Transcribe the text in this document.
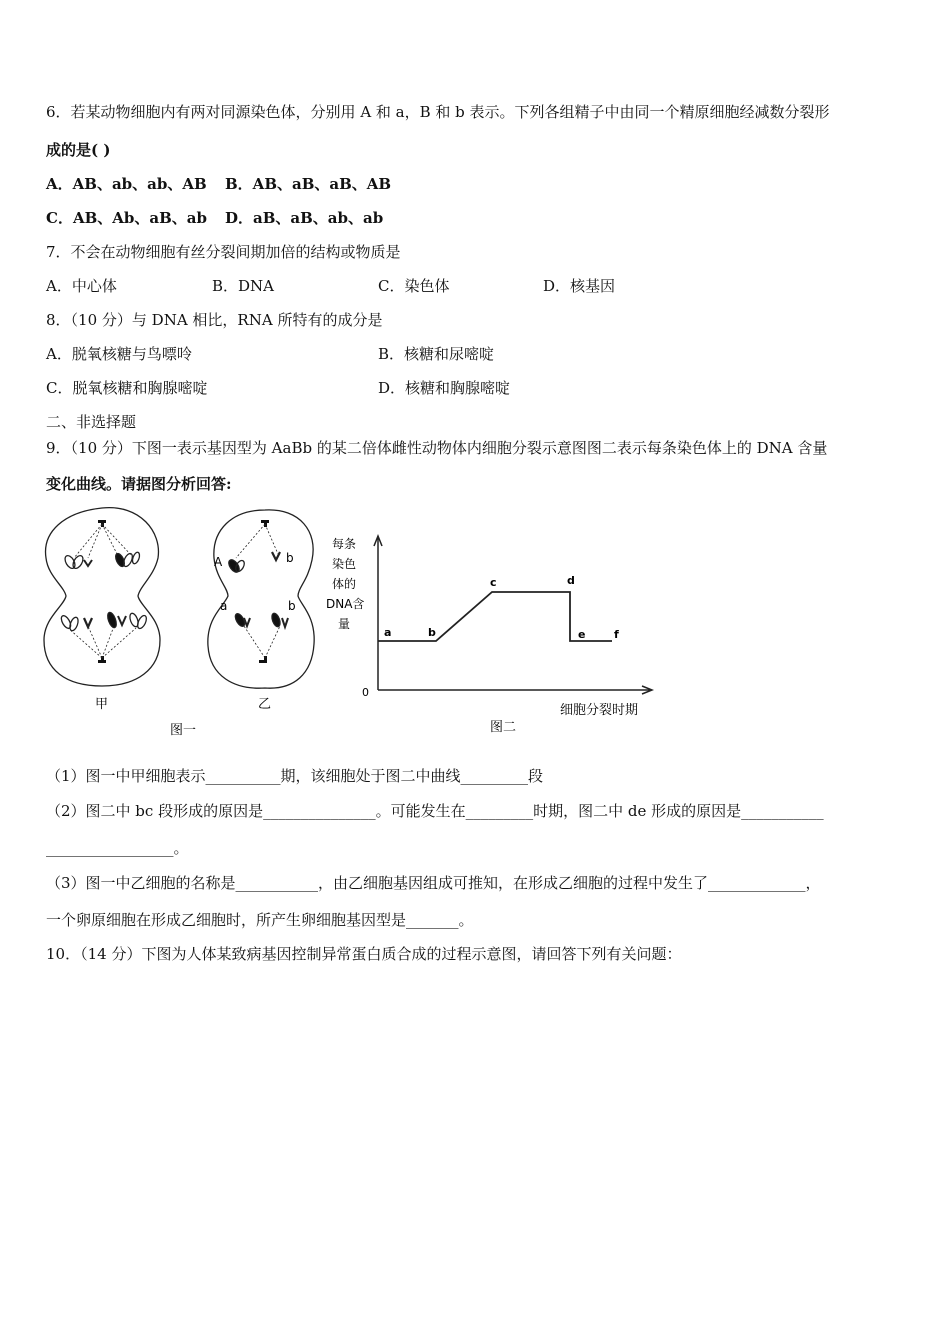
6．若某动物细胞内有两对同源染色体，分别用 A 和 a，B 和 b 表示。下列各组精子中由同一个精原细胞经减数分裂形
成的是( )
A．AB、ab、ab、AB B．AB、aB、aB、AB
C．AB、Ab、aB、ab D．aB、aB、ab、ab
7．不会在动物细胞有丝分裂间期加倍的结构或物质是
A．中心体	B．DNA	C．染色体	D．核基因
8．（10 分）与 DNA 相比，RNA 所特有的成分是
A．脱氧核糖与鸟嘌呤	B．核糖和尿嘧啶
C．脱氧核糖和胸腺嘧啶	D．核糖和胸腺嘧啶
二、非选择题
9．（10 分）下图一表示基因型为 AaBb 的某二倍体雌性动物体内细胞分裂示意图图二表示每条染色体上的 DNA 含量
变化曲线。请据图分析回答:
甲
A	b
a	b
乙
图一
每条
染色
体的
DNA含
量
0
a	b
c	d
e	f
细胞分裂时期
图二
（1）图一中甲细胞表示__________期，该细胞处于图二中曲线_________段
（2）图二中 bc 段形成的原因是_______________。可能发生在_________时期，图二中 de 形成的原因是___________
_________________。
（3）图一中乙细胞的名称是___________，由乙细胞基因组成可推知，在形成乙细胞的过程中发生了_____________，
一个卵原细胞在形成乙细胞时，所产生卵细胞基因型是_______。
10．（14 分）下图为人体某致病基因控制异常蛋白质合成的过程示意图，请回答下列有关问题：
